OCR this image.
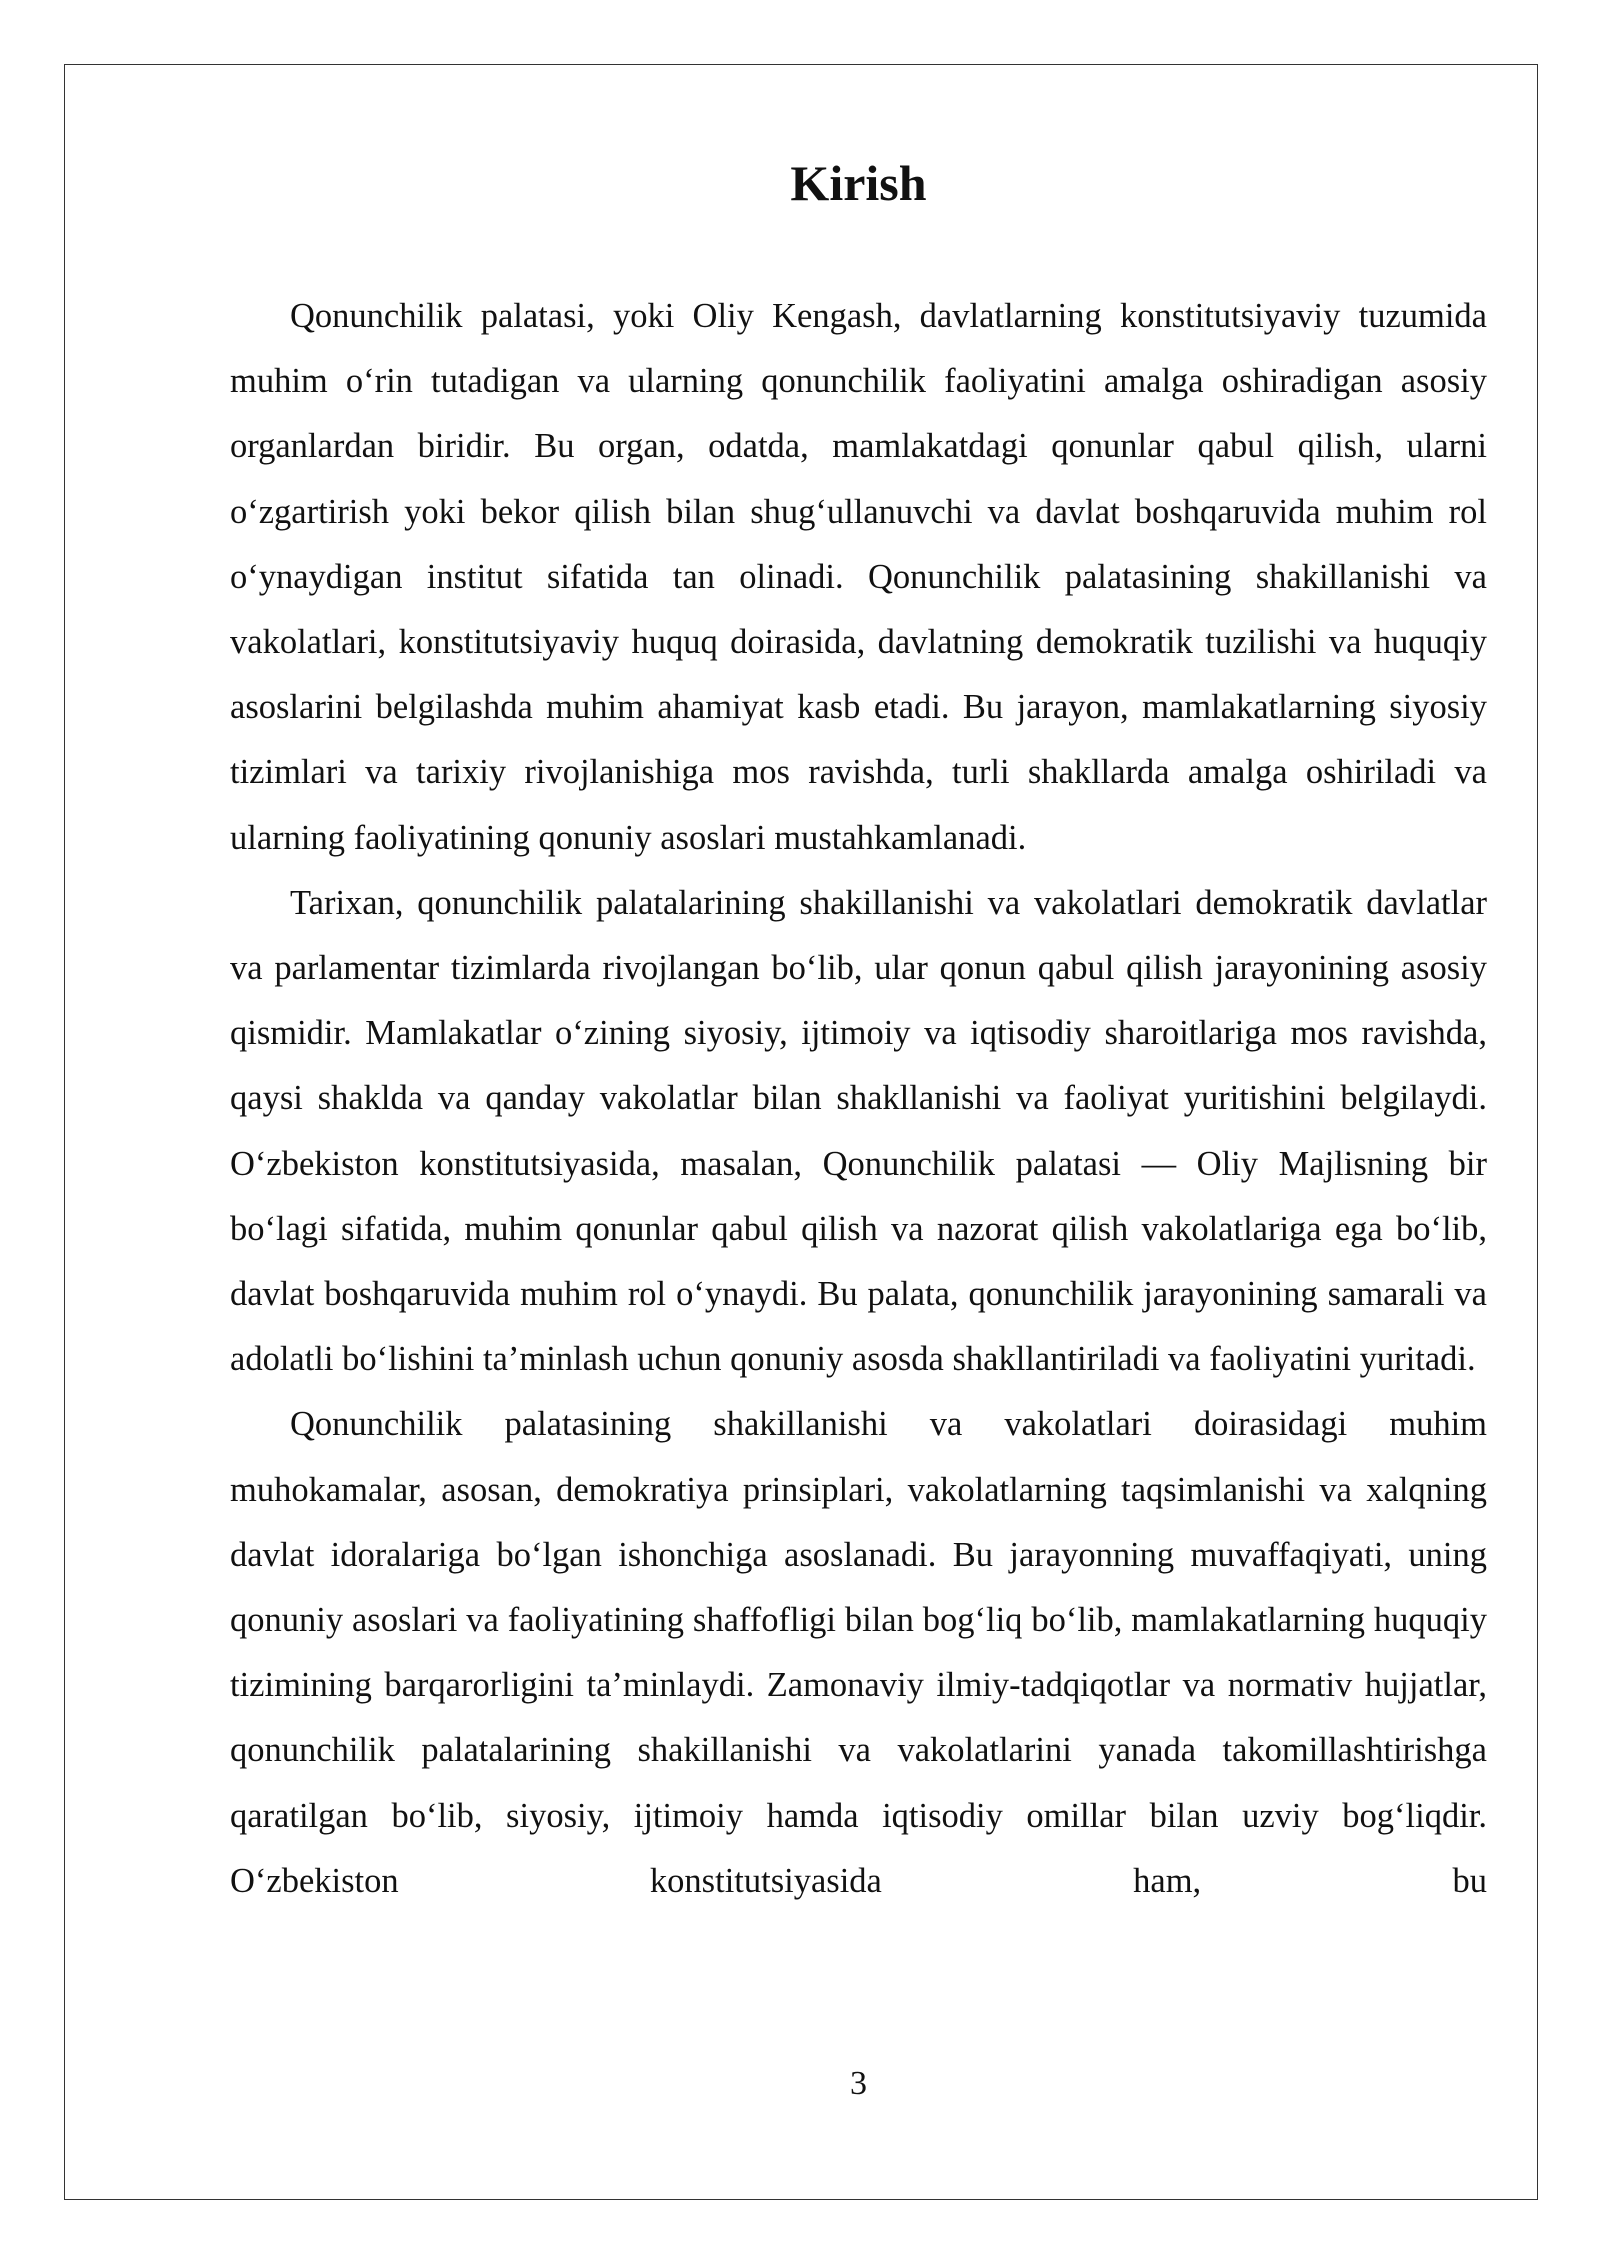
Kirish

Qonunchilik palatasi, yoki Oliy Kengash, davlatlarning konstitutsiyaviy tuzumida muhim o‘rin tutadigan va ularning qonunchilik faoliyatini amalga oshiradigan asosiy organlardan biridir. Bu organ, odatda, mamlakatdagi qonunlar qabul qilish, ularni o‘zgartirish yoki bekor qilish bilan shug‘ullanuvchi va davlat boshqaruvida muhim rol o‘ynaydigan institut sifatida tan olinadi. Qonunchilik palatasining shakillanishi va vakolatlari, konstitutsiyaviy huquq doirasida, davlatning demokratik tuzilishi va huquqiy asoslarini belgilashda muhim ahamiyat kasb etadi. Bu jarayon, mamlakatlarning siyosiy tizimlari va tarixiy rivojlanishiga mos ravishda, turli shakllarda amalga oshiriladi va ularning faoliyatining qonuniy asoslari mustahkamlanadi.

Tarixan, qonunchilik palatalarining shakillanishi va vakolatlari demokratik davlatlar va parlamentar tizimlarda rivojlangan bo‘lib, ular qonun qabul qilish jarayonining asosiy qismidir. Mamlakatlar o‘zining siyosiy, ijtimoiy va iqtisodiy sharoitlariga mos ravishda, qaysi shaklda va qanday vakolatlar bilan shakllanishi va faoliyat yuritishini belgilaydi. O‘zbekiston konstitutsiyasida, masalan, Qonunchilik palatasi — Oliy Majlisning bir bo‘lagi sifatida, muhim qonunlar qabul qilish va nazorat qilish vakolatlariga ega bo‘lib, davlat boshqaruvida muhim rol o‘ynaydi. Bu palata, qonunchilik jarayonining samarali va adolatli bo‘lishini ta’minlash uchun qonuniy asosda shakllantiriladi va faoliyatini yuritadi.

Qonunchilik palatasining shakillanishi va vakolatlari doirasidagi muhim muhokamalar, asosan, demokratiya prinsiplari, vakolatlarning taqsimlanishi va xalqning davlat idoralariga bo‘lgan ishonchiga asoslanadi. Bu jarayonning muvaffaqiyati, uning qonuniy asoslari va faoliyatining shaffofligi bilan bog‘liq bo‘lib, mamlakatlarning huquqiy tizimining barqarorligini ta’minlaydi. Zamonaviy ilmiy-tadqiqotlar va normativ hujjatlar, qonunchilik palatalarining shakillanishi va vakolatlarini yanada takomillashtirishga qaratilgan bo‘lib, siyosiy, ijtimoiy hamda iqtisodiy omillar bilan uzviy bog‘liqdir. O‘zbekiston konstitutsiyasida ham, bu

3
